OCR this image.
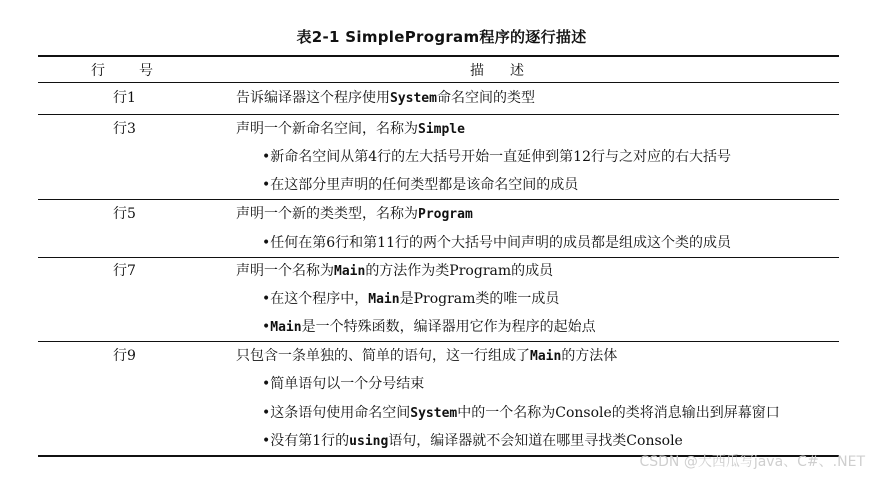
表2-1 SimpleProgram程序的逐行描述
行号	描述
行1	告诉编译器这个程序使用System命名空间的类型
行3	声明一个新命名空间，名称为Simple
•新命名空间从第4行的左大括号开始一直延伸到第12行与之对应的右大括号
•在这部分里声明的任何类型都是该命名空间的成员
行5	声明一个新的类类型，名称为Program
•任何在第6行和第11行的两个大括号中间声明的成员都是组成这个类的成员
行7	声明一个名称为Main的方法作为类Program的成员
•在这个程序中，Main是Program类的唯一成员
•Main是一个特殊函数，编译器用它作为程序的起始点
行9	只包含一条单独的、简单的语句，这一行组成了Main的方法体
•简单语句以一个分号结束
•这条语句使用命名空间System中的一个名称为Console的类将消息输出到屏幕窗口
•没有第1行的using语句，编译器就不会知道在哪里寻找类Console
CSDN @大西瓜写java、C#、.NET
